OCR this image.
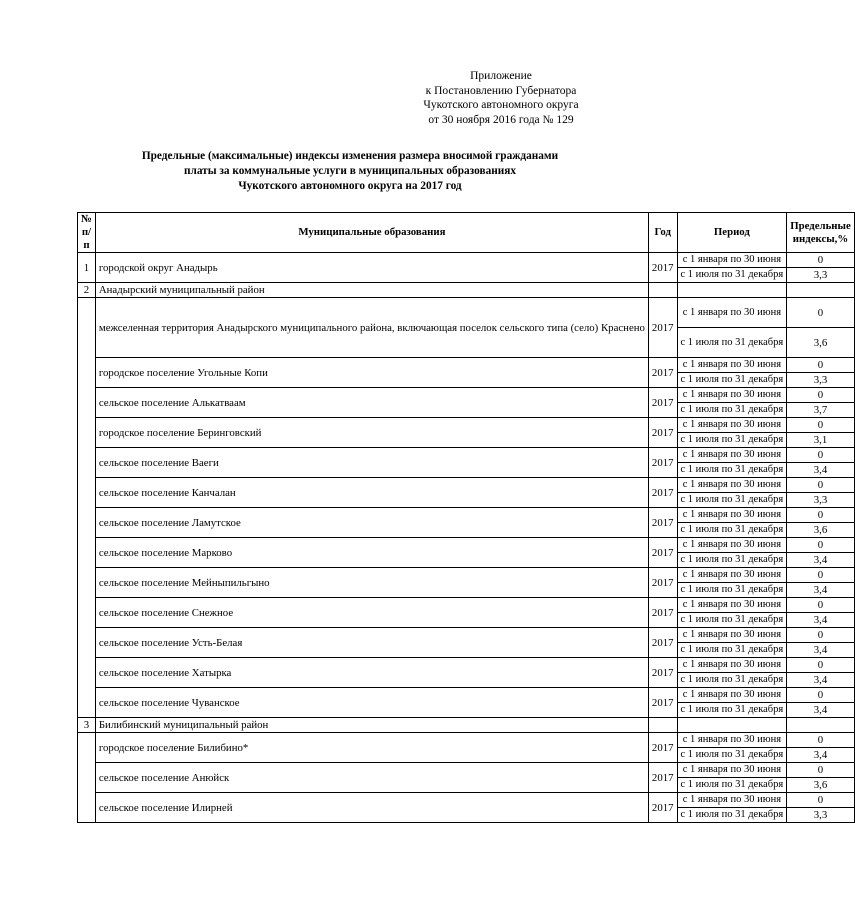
Приложение
к Постановлению Губернатора
Чукотского автономного округа
от 30 ноября 2016 года № 129
Предельные (максимальные) индексы изменения размера вносимой гражданами
платы за коммунальные услуги в муниципальных образованиях
Чукотского автономного округа на 2017 год
№ п/п	Муниципальные образования	Год	Период	Предельные индексы,%
1	городской округ Анадырь	2017	с 1 января по 30 июня	0
			с 1 июля по 31 декабря	3,3
2	Анадырский муниципальный район			
	межселенная территория Анадырского муниципального района, включающая поселок сельского типа (село) Краснено	2017	с 1 января по 30 июня	0
			с 1 июля по 31 декабря	3,6
	городское поселение Угольные Копи	2017	с 1 января по 30 июня	0
			с 1 июля по 31 декабря	3,3
	сельское поселение Алькатваам	2017	с 1 января по 30 июня	0
			с 1 июля по 31 декабря	3,7
	городское поселение Беринговский	2017	с 1 января по 30 июня	0
			с 1 июля по 31 декабря	3,1
	сельское поселение Ваеги	2017	с 1 января по 30 июня	0
			с 1 июля по 31 декабря	3,4
	сельское поселение Канчалан	2017	с 1 января по 30 июня	0
			с 1 июля по 31 декабря	3,3
	сельское поселение Ламутское	2017	с 1 января по 30 июня	0
			с 1 июля по 31 декабря	3,6
	сельское поселение Марково	2017	с 1 января по 30 июня	0
			с 1 июля по 31 декабря	3,4
	сельское поселение Мейныпильгыно	2017	с 1 января по 30 июня	0
			с 1 июля по 31 декабря	3,4
	сельское поселение Снежное	2017	с 1 января по 30 июня	0
			с 1 июля по 31 декабря	3,4
	сельское поселение Усть-Белая	2017	с 1 января по 30 июня	0
			с 1 июля по 31 декабря	3,4
	сельское поселение Хатырка	2017	с 1 января по 30 июня	0
			с 1 июля по 31 декабря	3,4
	сельское поселение Чуванское	2017	с 1 января по 30 июня	0
			с 1 июля по 31 декабря	3,4
3	Билибинский муниципальный район			
	городское поселение Билибино*	2017	с 1 января по 30 июня	0
			с 1 июля по 31 декабря	3,4
	сельское поселение Анюйск	2017	с 1 января по 30 июня	0
			с 1 июля по 31 декабря	3,6
	сельское поселение Илирней	2017	с 1 января по 30 июня	0
			с 1 июля по 31 декабря	3,3
